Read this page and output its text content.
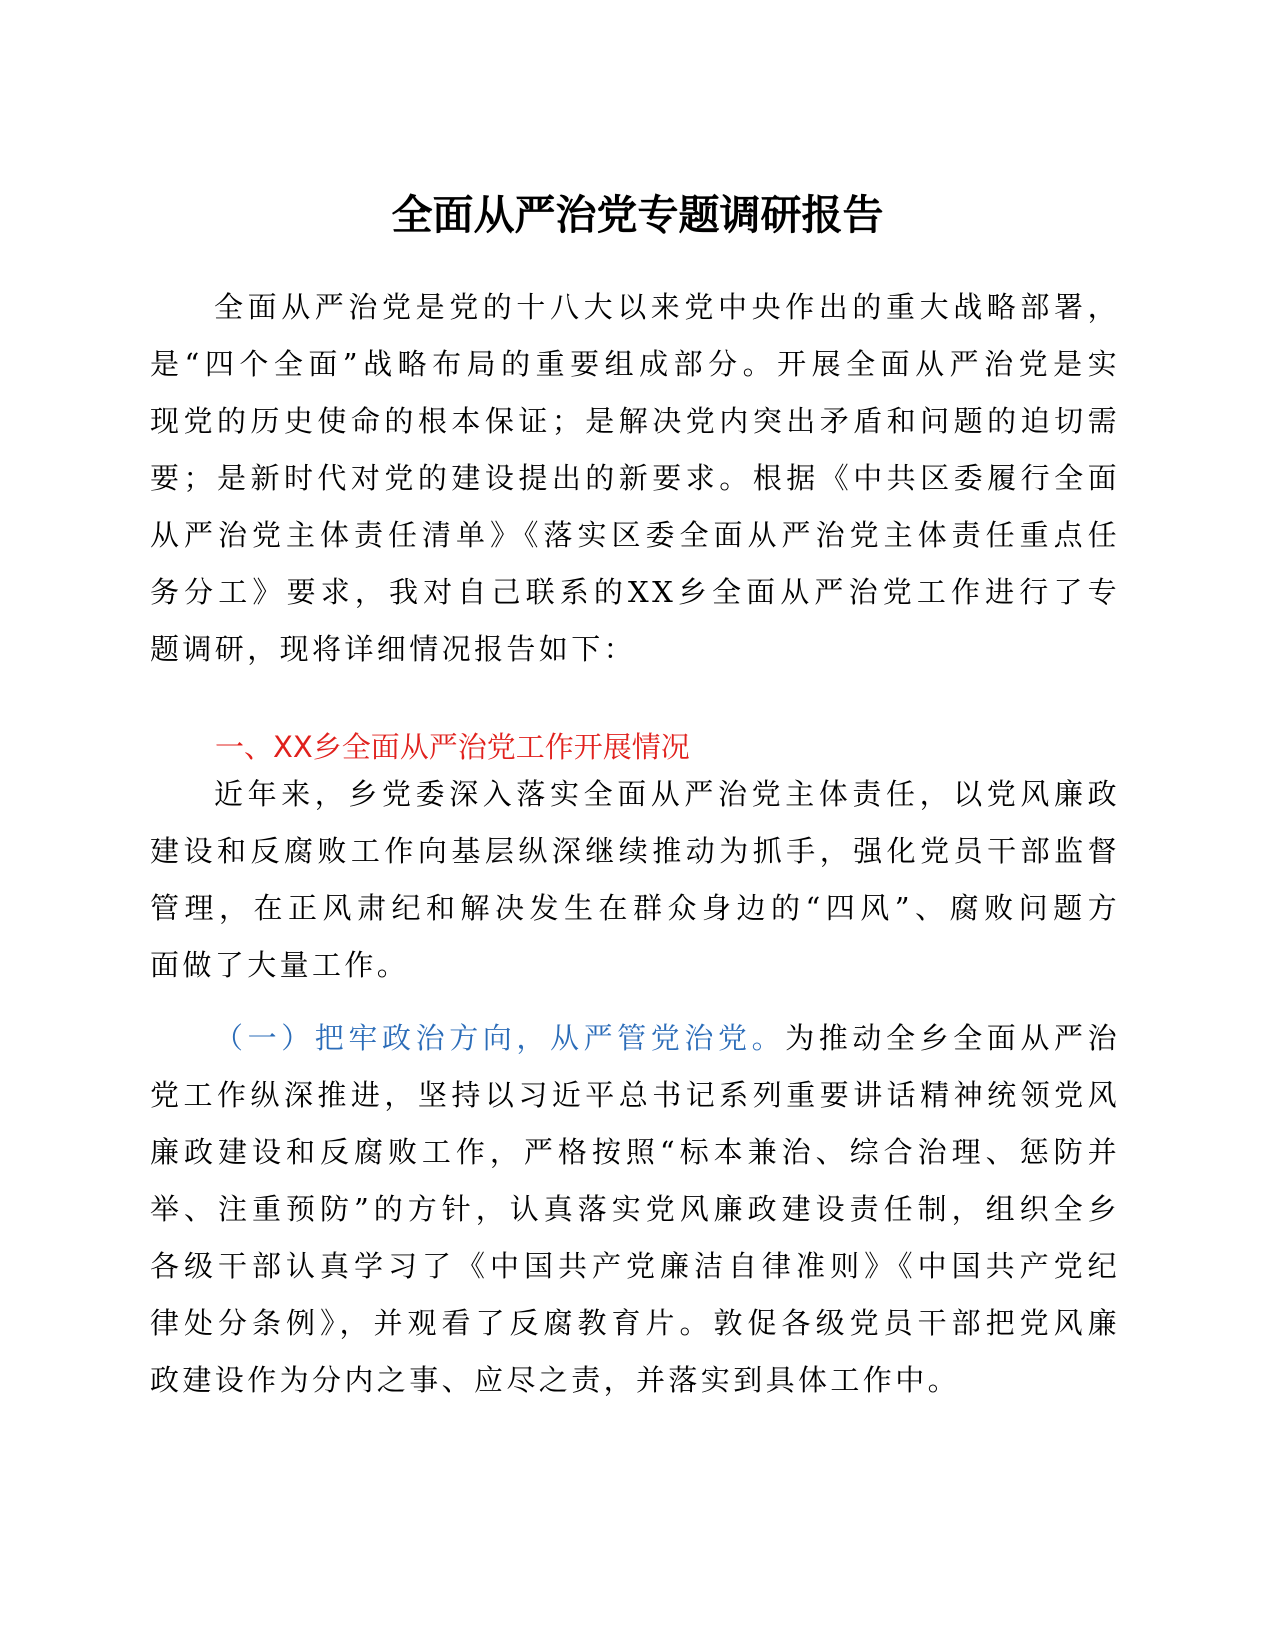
全面从严治党专题调研报告
全面从严治党是党的十八大以来党中央作出的重大战略部署，
是“四个全面”战略布局的重要组成部分。开展全面从严治党是实
现党的历史使命的根本保证；是解决党内突出矛盾和问题的迫切需
要；是新时代对党的建设提出的新要求。根据《中共区委履行全面
从严治党主体责任清单》《落实区委全面从严治党主体责任重点任
务分工》要求，我对自己联系的XX乡全面从严治党工作进行了专
题调研，现将详细情况报告如下：
一、XX乡全面从严治党工作开展情况
近年来，乡党委深入落实全面从严治党主体责任，以党风廉政
建设和反腐败工作向基层纵深继续推动为抓手，强化党员干部监督
管理，在正风肃纪和解决发生在群众身边的“四风”、腐败问题方
面做了大量工作。
（一）把牢政治方向，从严管党治党。为推动全乡全面从严治
党工作纵深推进，坚持以习近平总书记系列重要讲话精神统领党风
廉政建设和反腐败工作，严格按照“标本兼治、综合治理、惩防并
举、注重预防”的方针，认真落实党风廉政建设责任制，组织全乡
各级干部认真学习了《中国共产党廉洁自律准则》《中国共产党纪
律处分条例》，并观看了反腐教育片。敦促各级党员干部把党风廉
政建设作为分内之事、应尽之责，并落实到具体工作中。
